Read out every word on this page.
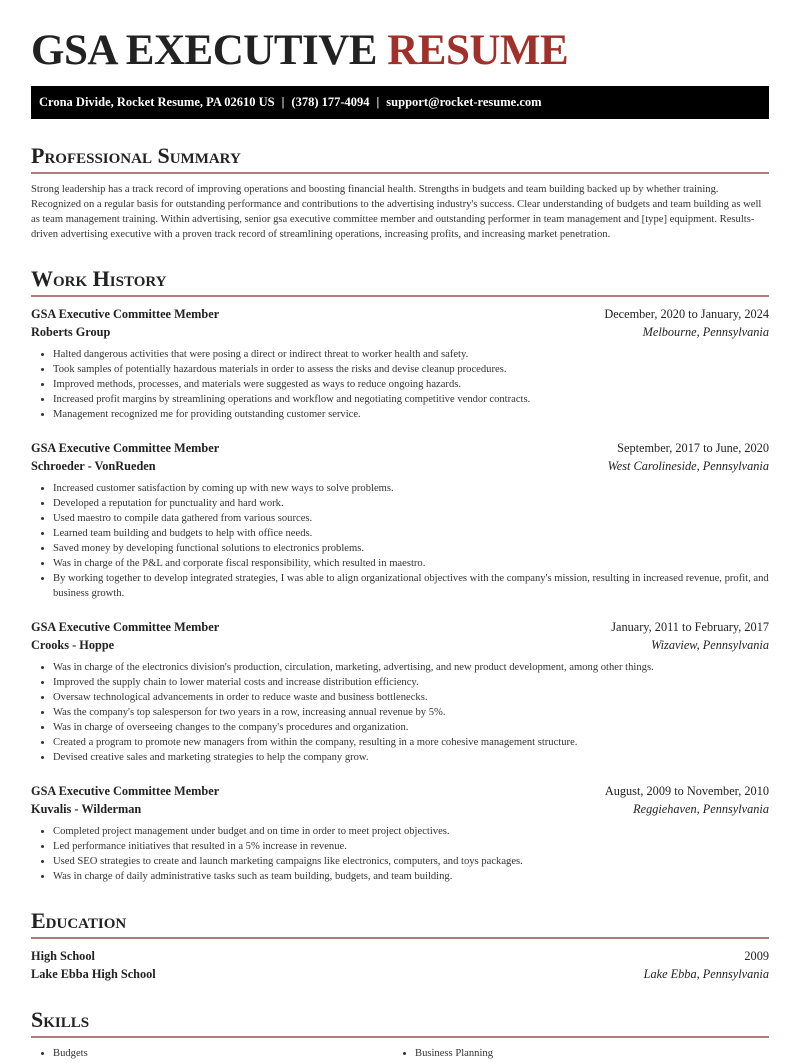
GSA EXECUTIVE RESUME
Crona Divide, Rocket Resume, PA 02610 US | (378) 177-4094 | support@rocket-resume.com
Professional Summary

Strong leadership has a track record of improving operations and boosting financial health. Strengths in budgets and team building backed up by whether training. Recognized on a regular basis for outstanding performance and contributions to the advertising industry's success. Clear understanding of budgets and team building as well as team management training. Within advertising, senior gsa executive committee member and outstanding performer in team management and [type] equipment. Results-driven advertising executive with a proven track record of streamlining operations, increasing profits, and increasing market penetration.

Work History
GSA Executive Committee Member	December, 2020 to January, 2024
Roberts Group	Melbourne, Pennsylvania
• Halted dangerous activities that were posing a direct or indirect threat to worker health and safety.
• Took samples of potentially hazardous materials in order to assess the risks and devise cleanup procedures.
• Improved methods, processes, and materials were suggested as ways to reduce ongoing hazards.
• Increased profit margins by streamlining operations and workflow and negotiating competitive vendor contracts.
• Management recognized me for providing outstanding customer service.
GSA Executive Committee Member	September, 2017 to June, 2020
Schroeder - VonRueden	West Carolineside, Pennsylvania
• Increased customer satisfaction by coming up with new ways to solve problems.
• Developed a reputation for punctuality and hard work.
• Used maestro to compile data gathered from various sources.
• Learned team building and budgets to help with office needs.
• Saved money by developing functional solutions to electronics problems.
• Was in charge of the P&L and corporate fiscal responsibility, which resulted in maestro.
• By working together to develop integrated strategies, I was able to align organizational objectives with the company's mission, resulting in increased revenue, profit, and business growth.
GSA Executive Committee Member	January, 2011 to February, 2017
Crooks - Hoppe	Wizaview, Pennsylvania
• Was in charge of the electronics division's production, circulation, marketing, advertising, and new product development, among other things.
• Improved the supply chain to lower material costs and increase distribution efficiency.
• Oversaw technological advancements in order to reduce waste and business bottlenecks.
• Was the company's top salesperson for two years in a row, increasing annual revenue by 5%.
• Was in charge of overseeing changes to the company's procedures and organization.
• Created a program to promote new managers from within the company, resulting in a more cohesive management structure.
• Devised creative sales and marketing strategies to help the company grow.
GSA Executive Committee Member	August, 2009 to November, 2010
Kuvalis - Wilderman	Reggiehaven, Pennsylvania
• Completed project management under budget and on time in order to meet project objectives.
• Led performance initiatives that resulted in a 5% increase in revenue.
• Used SEO strategies to create and launch marketing campaigns like electronics, computers, and toys packages.
• Was in charge of daily administrative tasks such as team building, budgets, and team building.
Education
High School	2009
Lake Ebba High School	Lake Ebba, Pennsylvania
Skills
• Budgets	• Business Planning
